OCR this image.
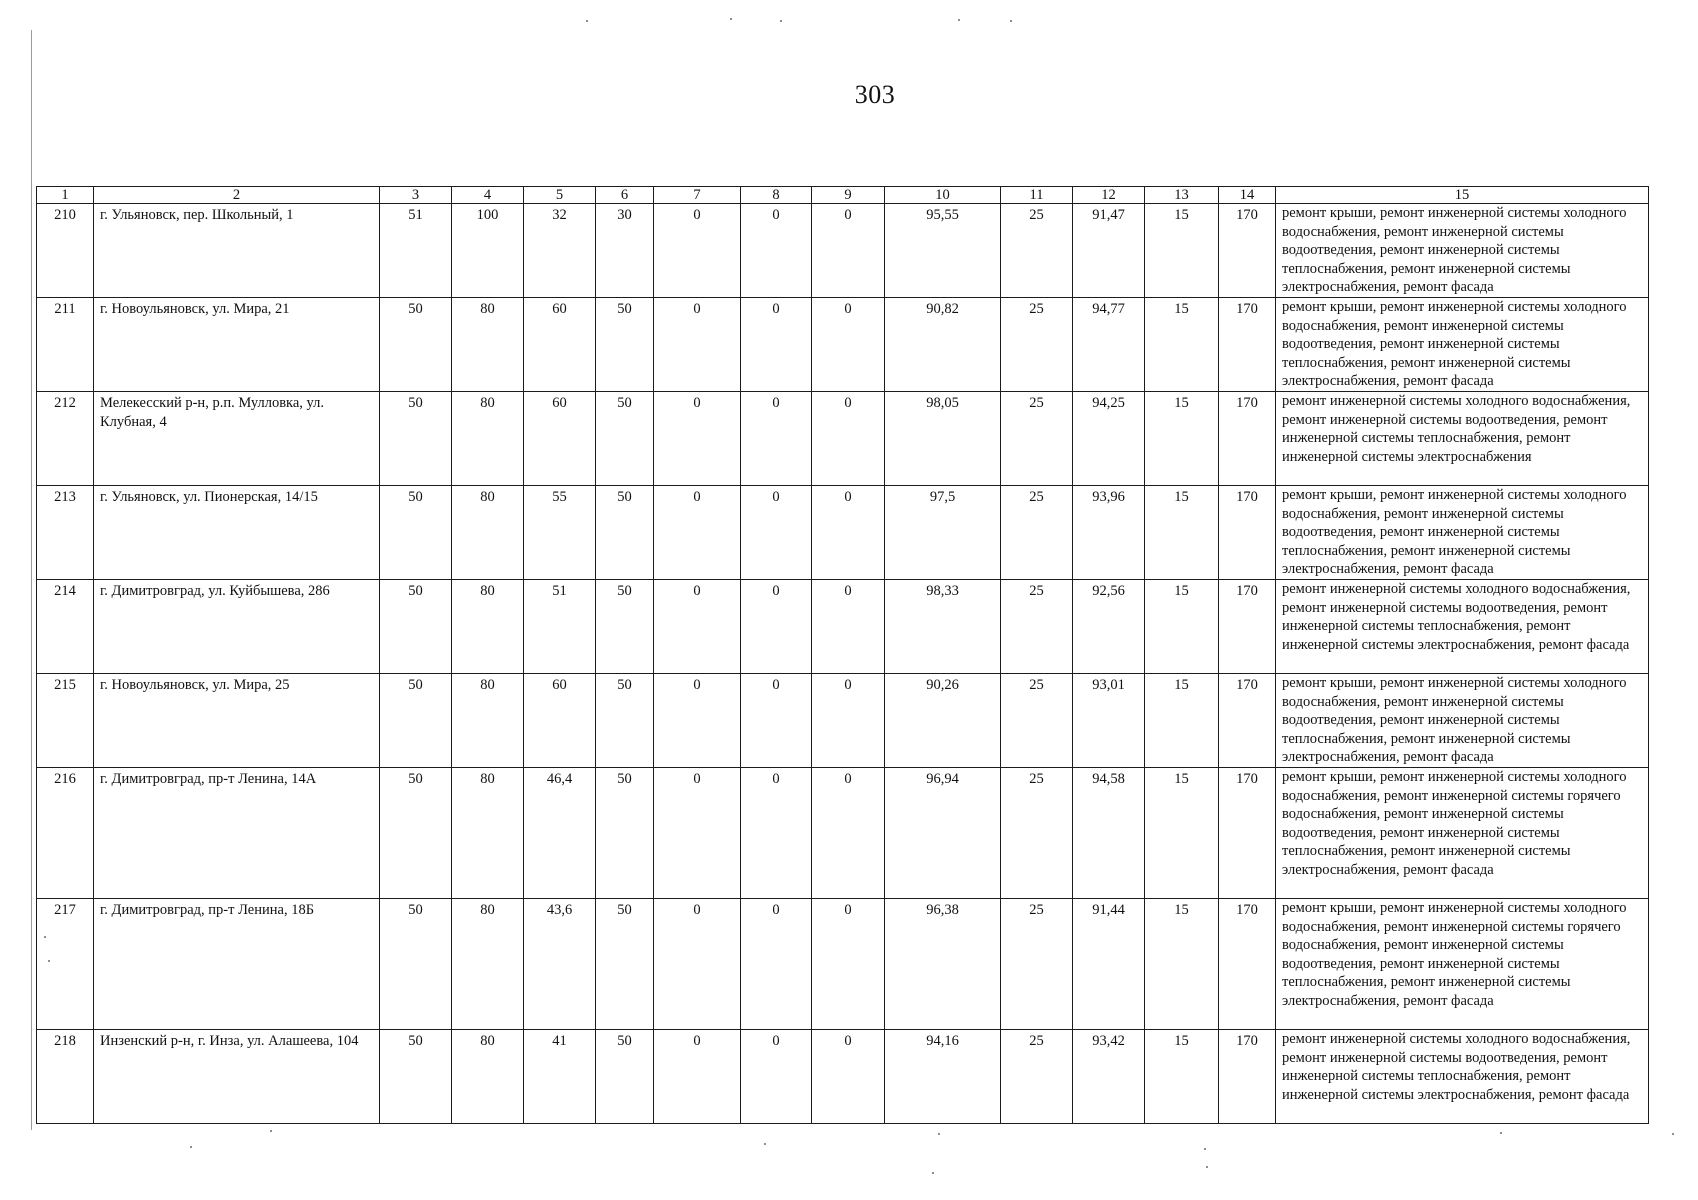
303
1	2	3	4	5	6	7	8	9	10	11	12	13	14	15
210	г. Ульяновск, пер. Школьный, 1	51	100	32	30	0	0	0	95,55	25	91,47	15	170	ремонт крыши, ремонт инженерной системы холодного водоснабжения, ремонт инженерной системы водоотведения, ремонт инженерной системы теплоснабжения, ремонт инженерной системы электроснабжения, ремонт фасада
211	г. Новоульяновск, ул. Мира, 21	50	80	60	50	0	0	0	90,82	25	94,77	15	170	ремонт крыши, ремонт инженерной системы холодного водоснабжения, ремонт инженерной системы водоотведения, ремонт инженерной системы теплоснабжения, ремонт инженерной системы электроснабжения, ремонт фасада
212	Мелекесский р-н, р.п. Мулловка, ул. Клубная, 4	50	80	60	50	0	0	0	98,05	25	94,25	15	170	ремонт инженерной системы холодного водоснабжения, ремонт инженерной системы водоотведения, ремонт инженерной системы теплоснабжения, ремонт инженерной системы электроснабжения
213	г. Ульяновск, ул. Пионерская, 14/15	50	80	55	50	0	0	0	97,5	25	93,96	15	170	ремонт крыши, ремонт инженерной системы холодного водоснабжения, ремонт инженерной системы водоотведения, ремонт инженерной системы теплоснабжения, ремонт инженерной системы электроснабжения, ремонт фасада
214	г. Димитровград, ул. Куйбышева, 286	50	80	51	50	0	0	0	98,33	25	92,56	15	170	ремонт инженерной системы холодного водоснабжения, ремонт инженерной системы водоотведения, ремонт инженерной системы теплоснабжения, ремонт инженерной системы электроснабжения, ремонт фасада
215	г. Новоульяновск, ул. Мира, 25	50	80	60	50	0	0	0	90,26	25	93,01	15	170	ремонт крыши, ремонт инженерной системы холодного водоснабжения, ремонт инженерной системы водоотведения, ремонт инженерной системы теплоснабжения, ремонт инженерной системы электроснабжения, ремонт фасада
216	г. Димитровград, пр-т Ленина, 14А	50	80	46,4	50	0	0	0	96,94	25	94,58	15	170	ремонт крыши, ремонт инженерной системы холодного водоснабжения, ремонт инженерной системы горячего водоснабжения, ремонт инженерной системы водоотведения, ремонт инженерной системы теплоснабжения, ремонт инженерной системы электроснабжения, ремонт фасада
217	г. Димитровград, пр-т Ленина, 18Б	50	80	43,6	50	0	0	0	96,38	25	91,44	15	170	ремонт крыши, ремонт инженерной системы холодного водоснабжения, ремонт инженерной системы горячего водоснабжения, ремонт инженерной системы водоотведения, ремонт инженерной системы теплоснабжения, ремонт инженерной системы электроснабжения, ремонт фасада
218	Инзенский р-н, г. Инза, ул. Алашеева, 104	50	80	41	50	0	0	0	94,16	25	93,42	15	170	ремонт инженерной системы холодного водоснабжения, ремонт инженерной системы водоотведения, ремонт инженерной системы теплоснабжения, ремонт инженерной системы электроснабжения, ремонт фасада
